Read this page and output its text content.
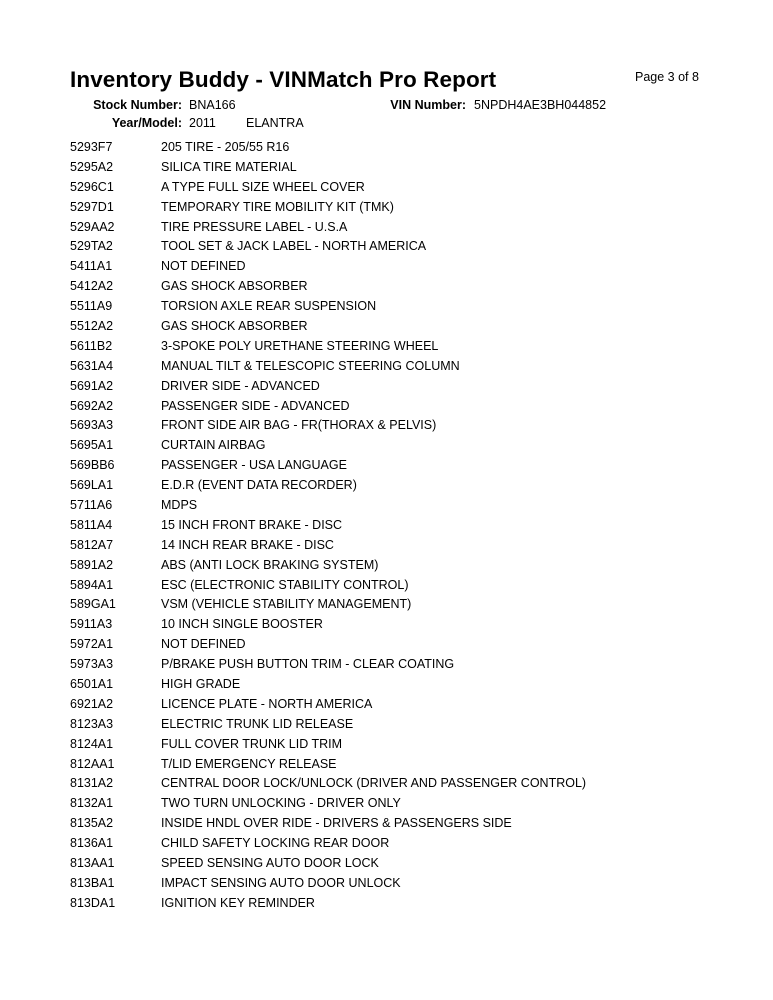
Inventory Buddy - VINMatch Pro Report	Page 3 of 8
Stock Number: BNA166	VIN Number: 5NPDH4AE3BH044852
Year/Model: 2011 ELANTRA
5293F7	205 TIRE - 205/55 R16
5295A2	SILICA TIRE MATERIAL
5296C1	A TYPE FULL SIZE WHEEL COVER
5297D1	TEMPORARY TIRE MOBILITY KIT (TMK)
529AA2	TIRE PRESSURE LABEL - U.S.A
529TA2	TOOL SET & JACK LABEL - NORTH AMERICA
5411A1	NOT DEFINED
5412A2	GAS SHOCK ABSORBER
5511A9	TORSION AXLE REAR SUSPENSION
5512A2	GAS SHOCK ABSORBER
5611B2	3-SPOKE POLY URETHANE STEERING WHEEL
5631A4	MANUAL TILT & TELESCOPIC STEERING COLUMN
5691A2	DRIVER SIDE - ADVANCED
5692A2	PASSENGER SIDE - ADVANCED
5693A3	FRONT SIDE AIR BAG - FR(THORAX & PELVIS)
5695A1	CURTAIN AIRBAG
569BB6	PASSENGER - USA LANGUAGE
569LA1	E.D.R (EVENT DATA RECORDER)
5711A6	MDPS
5811A4	15 INCH FRONT BRAKE - DISC
5812A7	14 INCH REAR BRAKE - DISC
5891A2	ABS (ANTI LOCK BRAKING SYSTEM)
5894A1	ESC (ELECTRONIC STABILITY CONTROL)
589GA1	VSM (VEHICLE STABILITY MANAGEMENT)
5911A3	10 INCH SINGLE BOOSTER
5972A1	NOT DEFINED
5973A3	P/BRAKE PUSH BUTTON TRIM - CLEAR COATING
6501A1	HIGH GRADE
6921A2	LICENCE PLATE - NORTH AMERICA
8123A3	ELECTRIC TRUNK LID RELEASE
8124A1	FULL COVER TRUNK LID TRIM
812AA1	T/LID EMERGENCY RELEASE
8131A2	CENTRAL DOOR LOCK/UNLOCK (DRIVER AND PASSENGER CONTROL)
8132A1	TWO TURN UNLOCKING - DRIVER ONLY
8135A2	INSIDE HNDL OVER RIDE - DRIVERS & PASSENGERS SIDE
8136A1	CHILD SAFETY LOCKING REAR DOOR
813AA1	SPEED SENSING AUTO DOOR LOCK
813BA1	IMPACT SENSING AUTO DOOR UNLOCK
813DA1	IGNITION KEY REMINDER
